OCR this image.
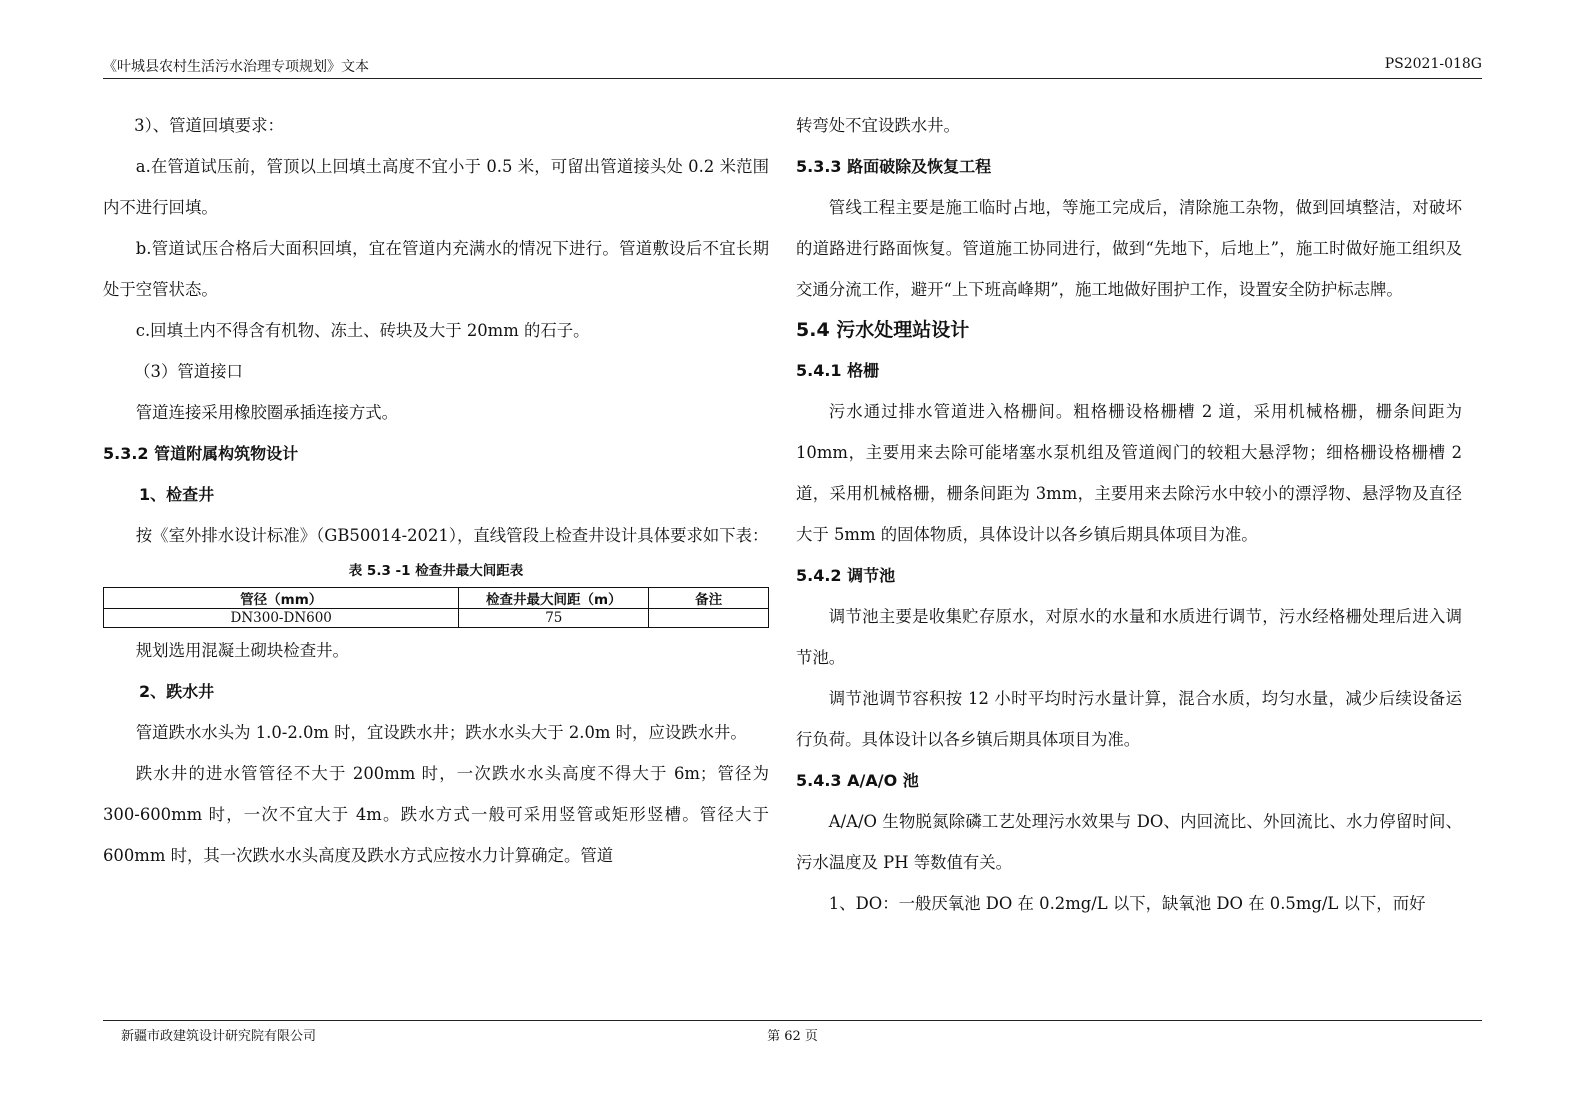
《叶城县农村生活污水治理专项规划》文本	PS2021-018G

3）、管道回填要求：

a.在管道试压前，管顶以上回填土高度不宜小于 0.5 米，可留出管道接头处 0.2 米范围内不进行回填。

b.管道试压合格后大面积回填，宜在管道内充满水的情况下进行。管道敷设后不宜长期处于空管状态。

c.回填土内不得含有机物、冻土、砖块及大于 20mm 的石子。

（3）管道接口

管道连接采用橡胶圈承插连接方式。

5.3.2 管道附属构筑物设计
1、检查井

按《室外排水设计标准》（GB50014-2021），直线管段上检查井设计具体要求如下表：

表 5.3 -1 检查井最大间距表
管径（mm）	检查井最大间距（m）	备注
DN300-DN600	75	

规划选用混凝土砌块检查井。

2、跌水井

管道跌水水头为 1.0-2.0m 时，宜设跌水井；跌水水头大于 2.0m 时，应设跌水井。

跌水井的进水管管径不大于 200mm 时，一次跌水水头高度不得大于 6m；管径为 300-600mm 时，一次不宜大于 4m。跌水方式一般可采用竖管或矩形竖槽。管径大于 600mm 时，其一次跌水水头高度及跌水方式应按水力计算确定。管道

转弯处不宜设跌水井。

5.3.3 路面破除及恢复工程

管线工程主要是施工临时占地，等施工完成后，清除施工杂物，做到回填整洁，对破坏的道路进行路面恢复。管道施工协同进行，做到“先地下，后地上”，施工时做好施工组织及交通分流工作，避开“上下班高峰期”，施工地做好围护工作，设置安全防护标志牌。

5.4 污水处理站设计
5.4.1 格栅

污水通过排水管道进入格栅间。粗格栅设格栅槽 2 道，采用机械格栅，栅条间距为 10mm，主要用来去除可能堵塞水泵机组及管道阀门的较粗大悬浮物；细格栅设格栅槽 2 道，采用机械格栅，栅条间距为 3mm，主要用来去除污水中较小的漂浮物、悬浮物及直径大于 5mm 的固体物质，具体设计以各乡镇后期具体项目为准。

5.4.2 调节池

调节池主要是收集贮存原水，对原水的水量和水质进行调节，污水经格栅处理后进入调节池。

调节池调节容积按 12 小时平均时污水量计算，混合水质，均匀水量，减少后续设备运行负荷。具体设计以各乡镇后期具体项目为准。

5.4.3 A/A/O 池

A/A/O 生物脱氮除磷工艺处理污水效果与 DO、内回流比、外回流比、水力停留时间、污水温度及 PH 等数值有关。

1、DO：一般厌氧池 DO 在 0.2mg/L 以下，缺氧池 DO 在 0.5mg/L 以下，而好

新疆市政建筑设计研究院有限公司	第 62 页
